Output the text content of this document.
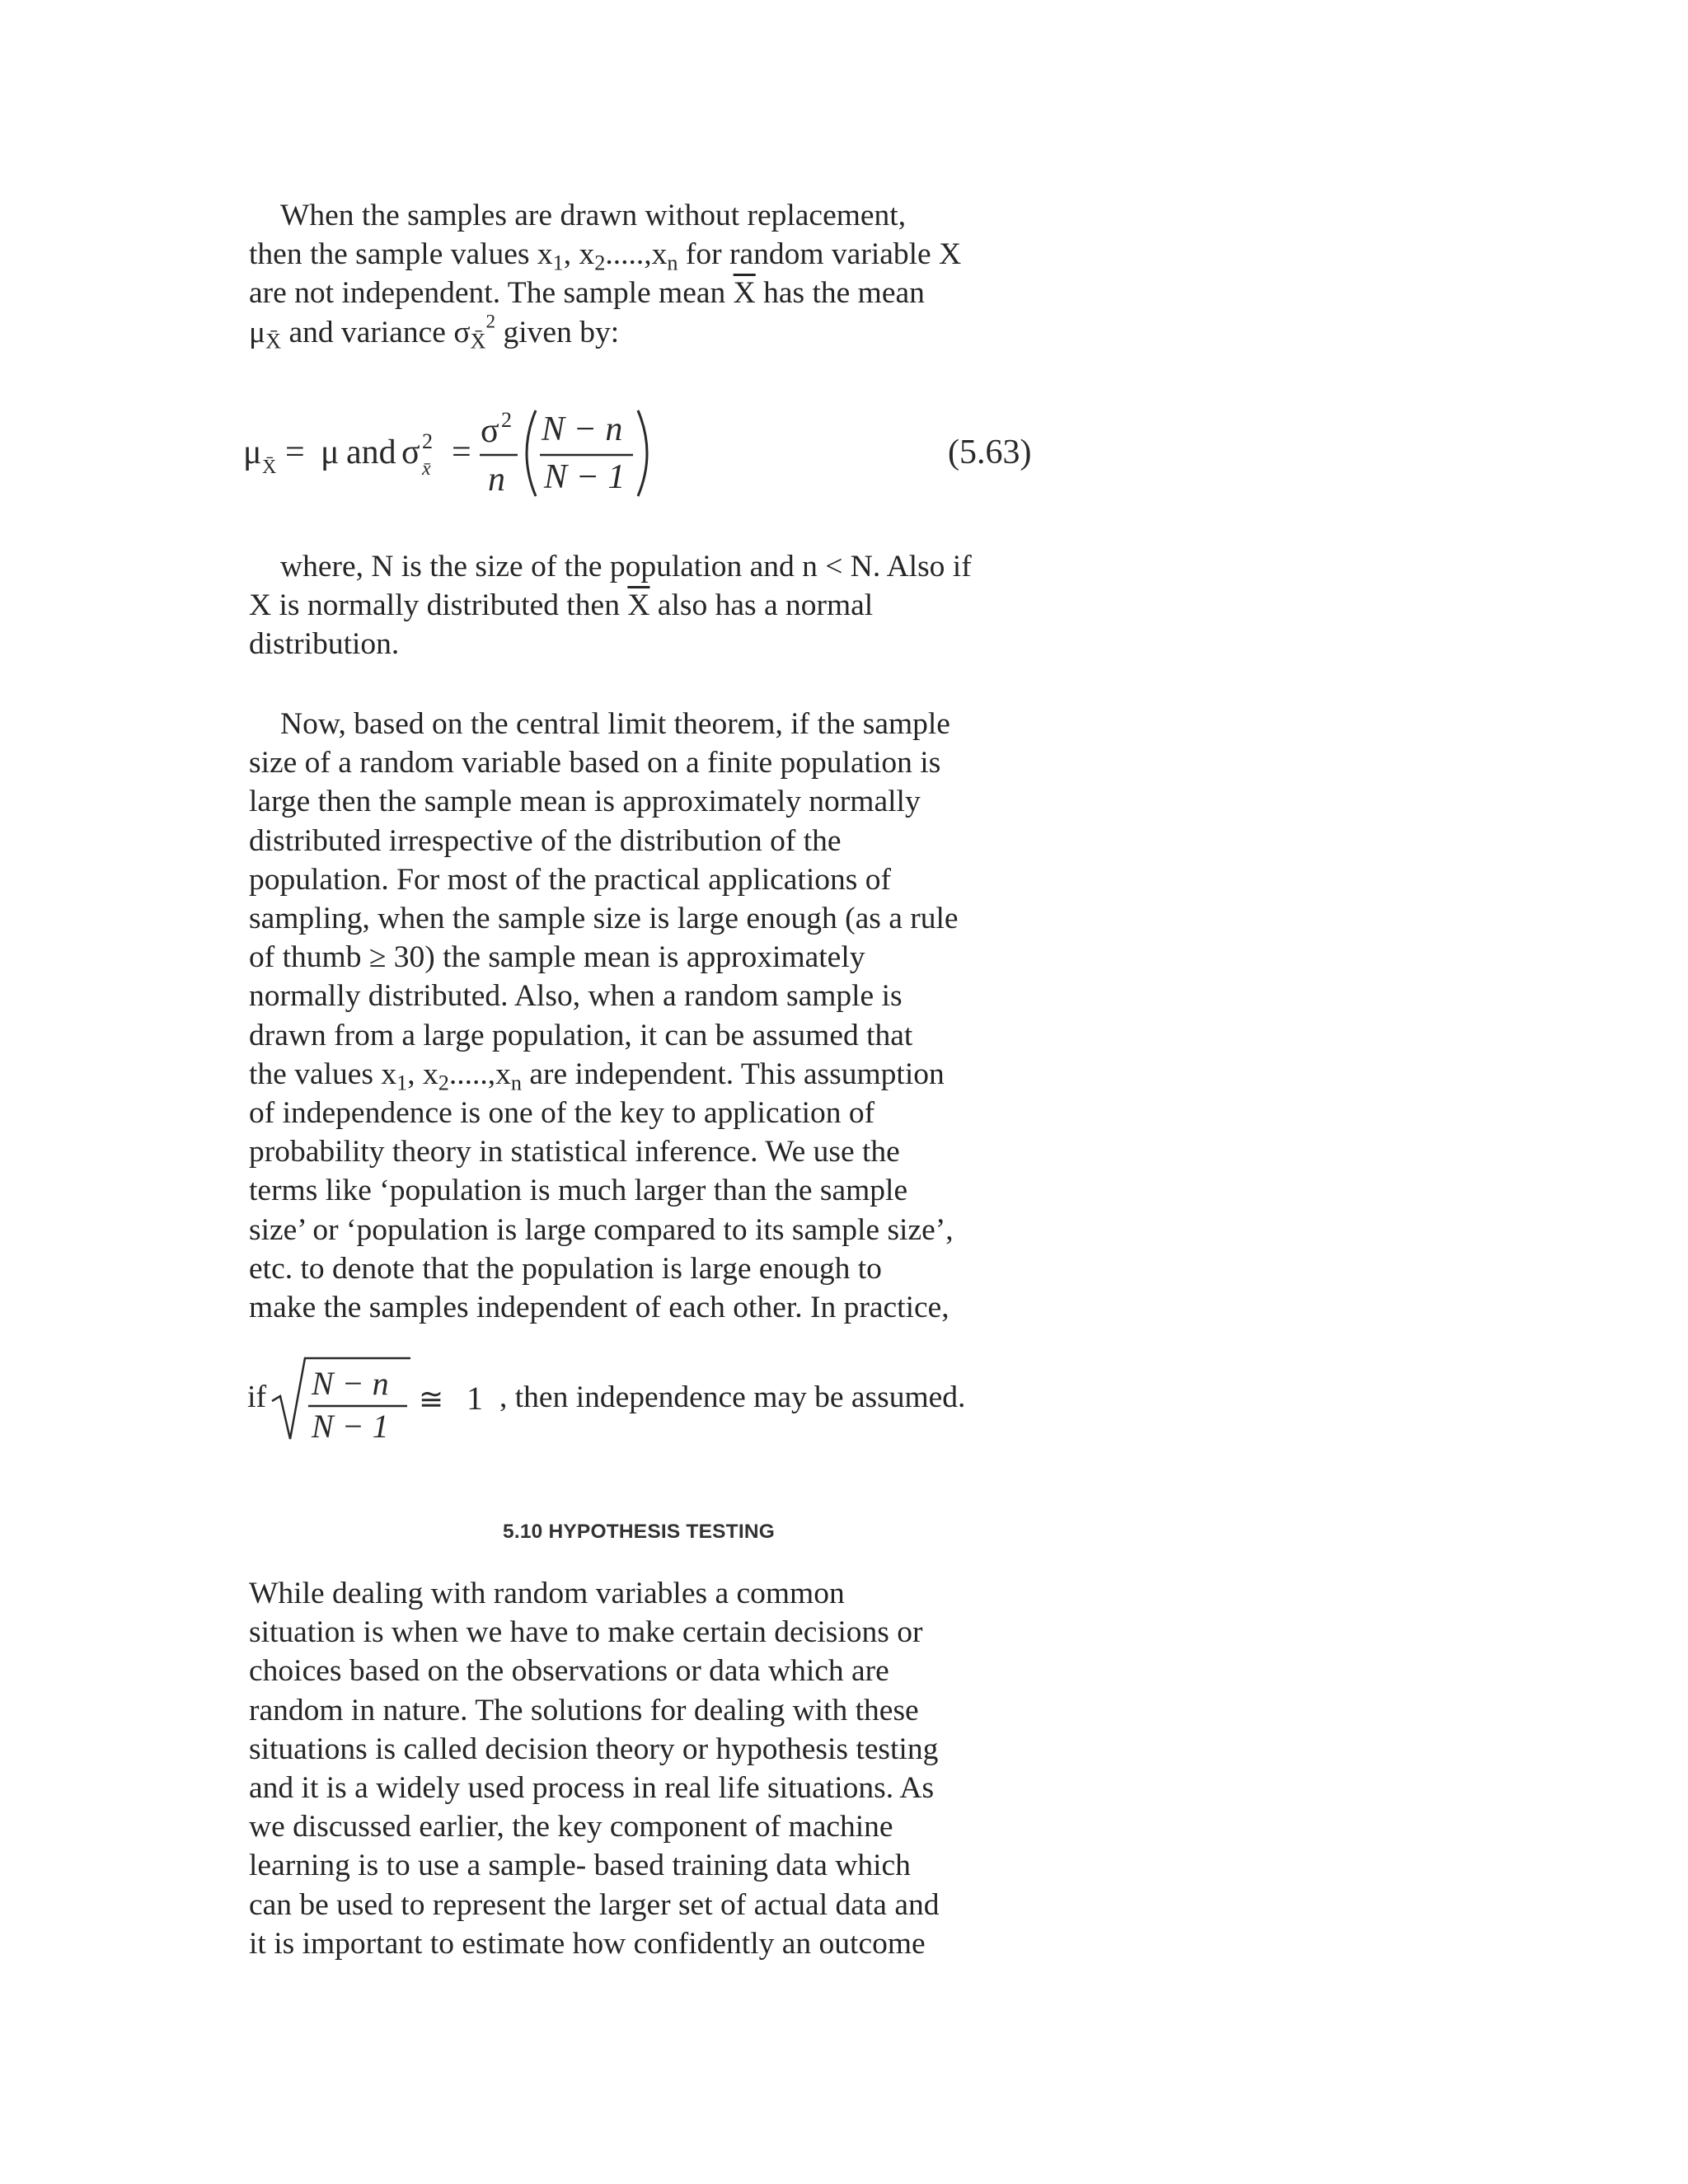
When the samples are drawn without replacement,
then the sample values $x_1$, $x_2.....,x_n$ for random variable X
are not independent. The sample mean $\overline{X}$ has the mean
$\mu_{X̄}$ and variance $\sigma_{X̄}^2$ given by:
μ X̄ = μ and σ 2
x̄ =
σ 2
n
N − n
N − 1
(5.63)
where, N is the size of the population and n < N. Also if
X is normally distributed then $\overline{X}$ also has a normal
distribution.
Now, based on the central limit theorem, if the sample
size of a random variable based on a finite population is
large then the sample mean is approximately normally
distributed irrespective of the distribution of the
population. For most of the practical applications of
sampling, when the sample size is large enough (as a rule
of thumb ≥ 30) the sample mean is approximately
normally distributed. Also, when a random sample is
drawn from a large population, it can be assumed that
the values $x_1$, $x_2.....,x_n$ are independent. This assumption
of independence is one of the key to application of
probability theory in statistical inference. We use the
terms like ‘population is much larger than the sample
size’ or ‘population is large compared to its sample size’,
etc. to denote that the population is large enough to
make the samples independent of each other. In practice,
if N − n
N − 1
≅ 1 , then independence may be assumed.
5.10 HYPOTHESIS TESTING
While dealing with random variables a common
situation is when we have to make certain decisions or
choices based on the observations or data which are
random in nature. The solutions for dealing with these
situations is called decision theory or hypothesis testing
and it is a widely used process in real life situations. As
we discussed earlier, the key component of machine
learning is to use a sample- based training data which
can be used to represent the larger set of actual data and
it is important to estimate how confidently an outcome
